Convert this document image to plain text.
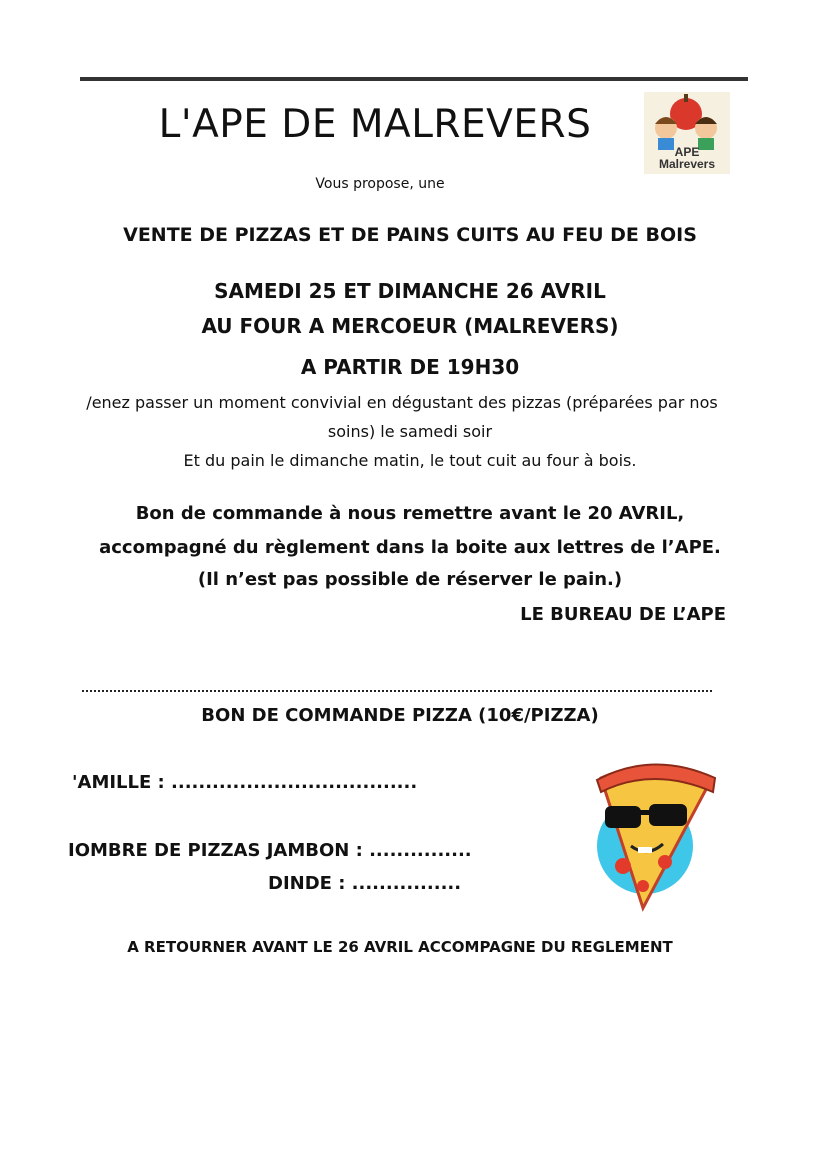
L'APE DE MALREVERS
APE
Malrevers
Vous propose, une
VENTE DE PIZZAS ET DE PAINS CUITS AU FEU DE BOIS
SAMEDI 25 ET DIMANCHE 26 AVRIL
AU FOUR A MERCOEUR (MALREVERS)
A PARTIR DE 19H30
/enez passer un moment convivial en dégustant des pizzas (préparées par nos
soins) le samedi soir
Et du pain le dimanche matin, le tout cuit au four à bois.
Bon de commande à nous remettre avant le 20 AVRIL,
accompagné du règlement dans la boite aux lettres de l’APE.
(Il n’est pas possible de réserver le pain.)
LE BUREAU DE L’APE
BON DE COMMANDE PIZZA (10€/PIZZA)
'AMILLE : ....................................
IOMBRE DE PIZZAS JAMBON : ...............
DINDE : ................
A RETOURNER AVANT LE 26 AVRIL ACCOMPAGNE DU REGLEMENT
